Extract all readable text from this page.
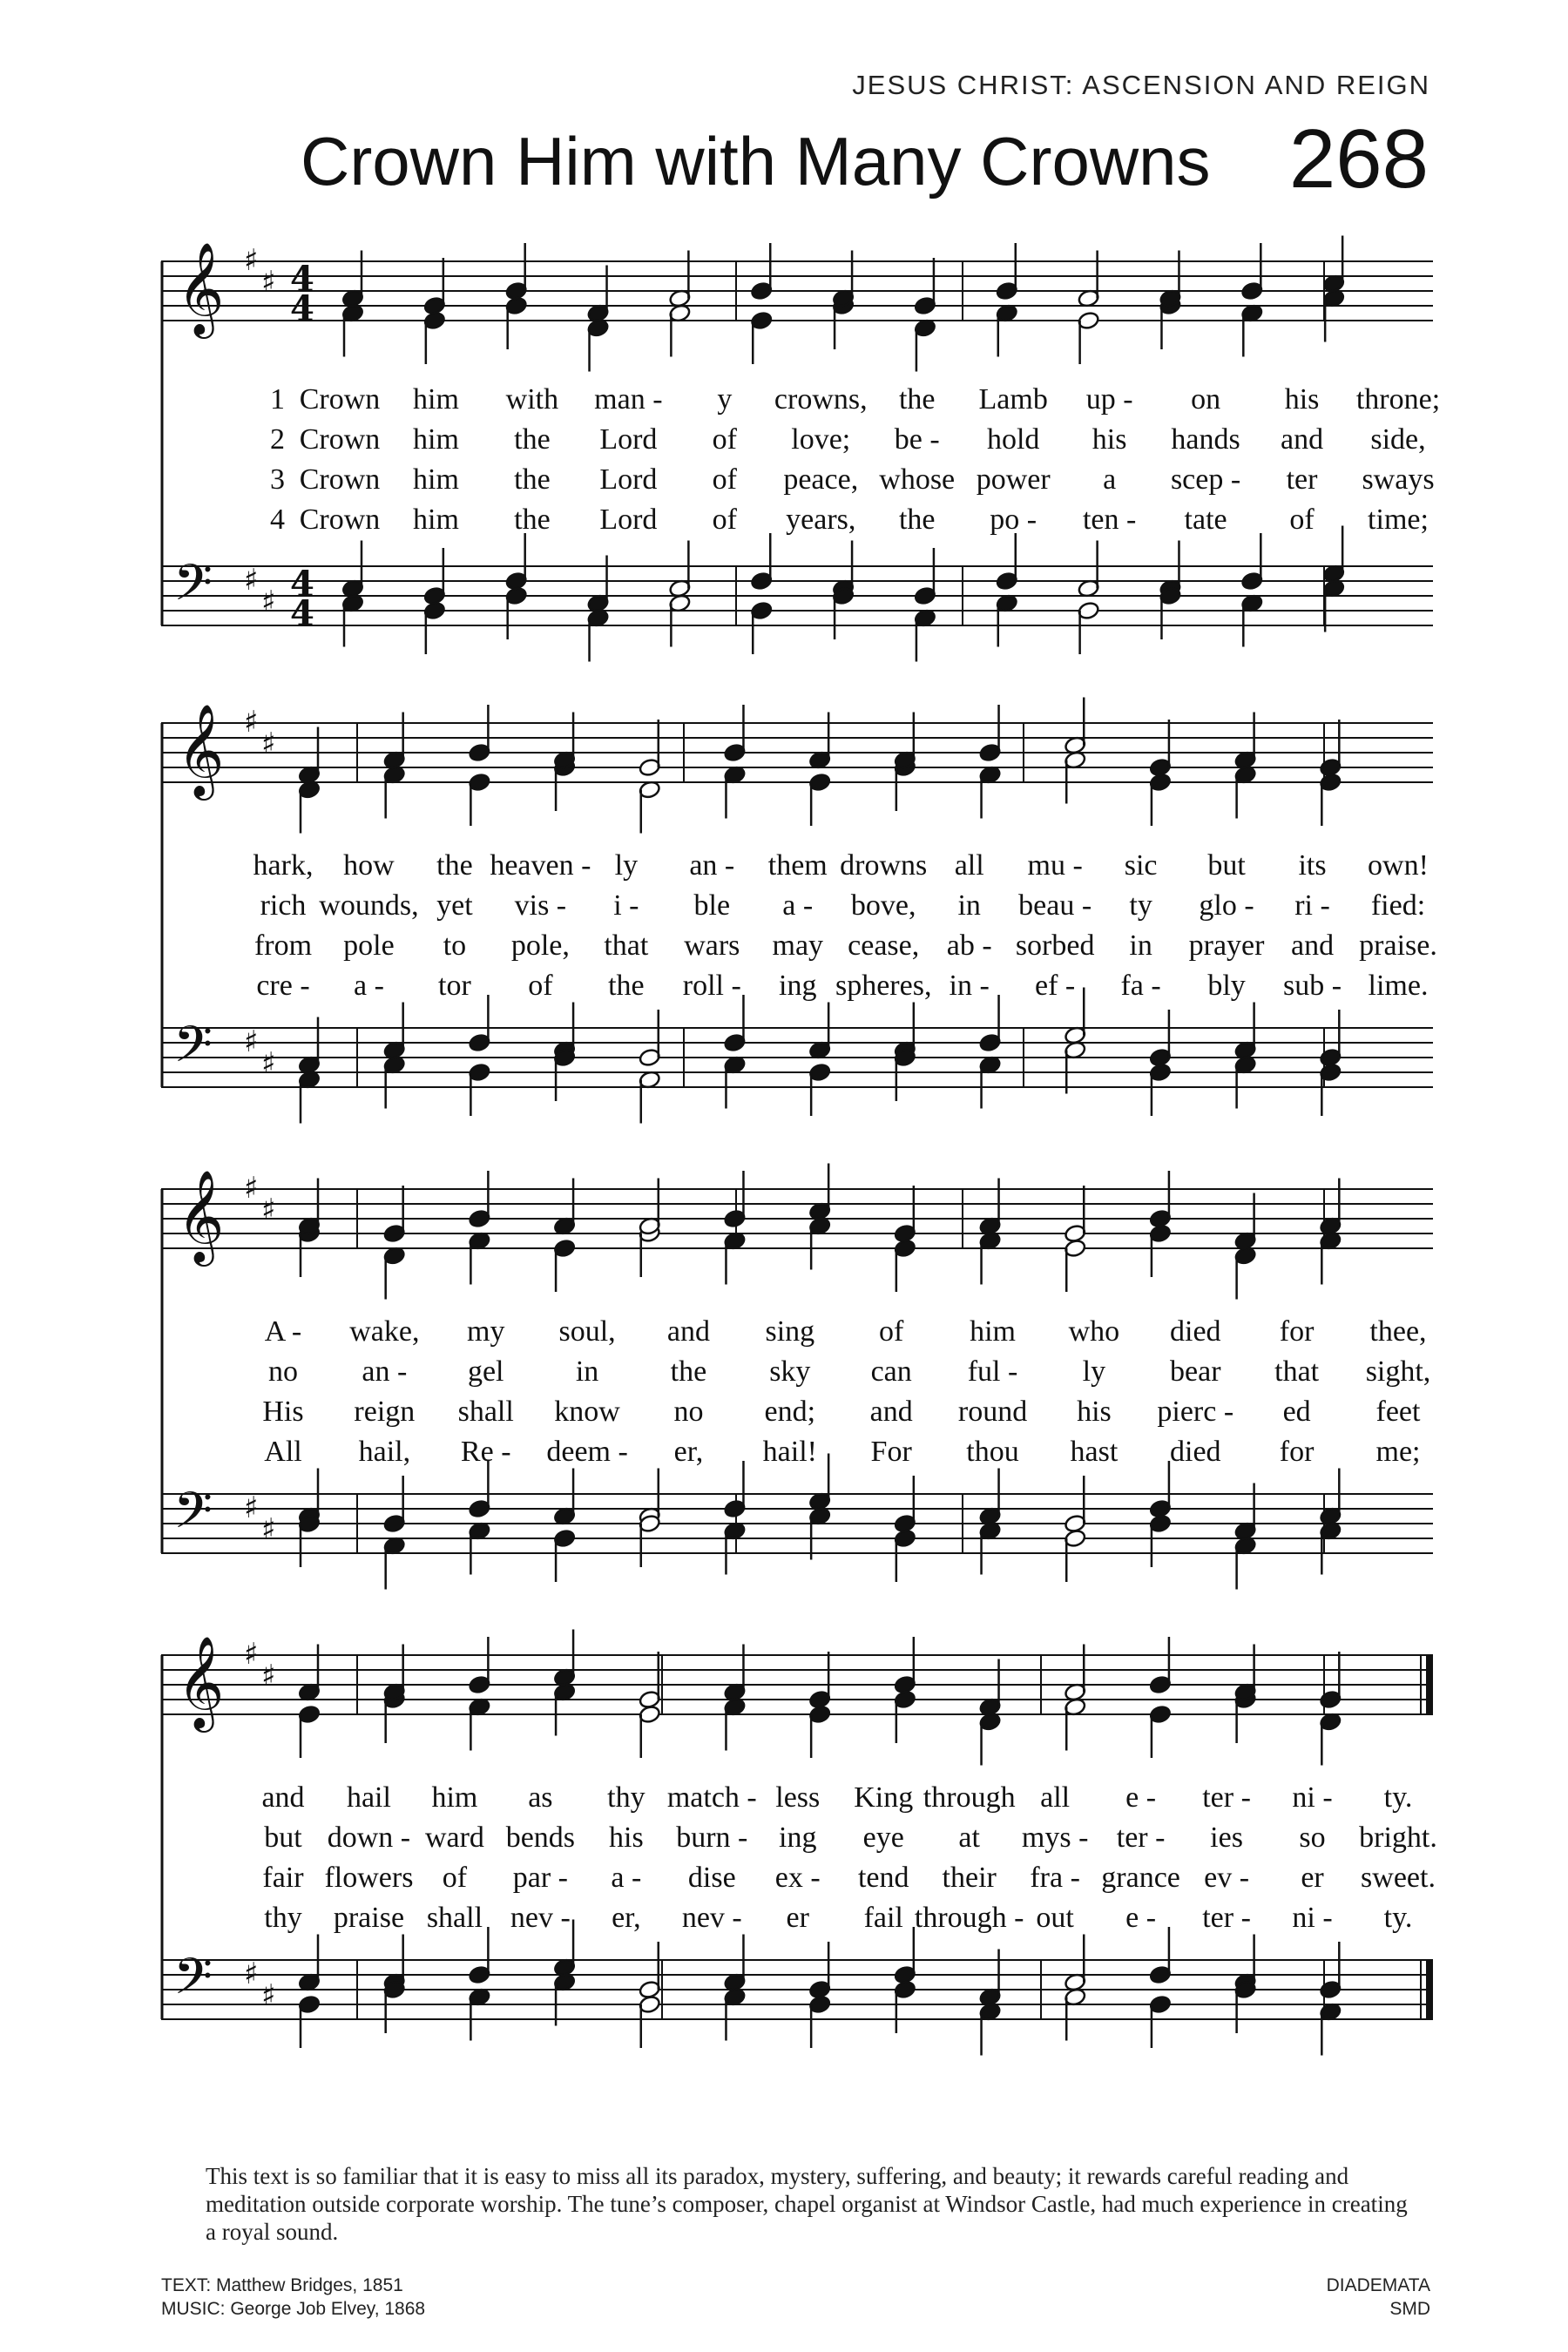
JESUS CHRIST: ASCENSION AND REIGN
Crown Him with Many Crowns 268
𝄞
𝄢
♯
♯
♯
♯
4
4
4
4
1 Crown him with man - y crowns, the Lamb up - on his throne;
2 Crown him the Lord of love; be - hold his hands and side,
3 Crown him the Lord of peace, whose power a scep - ter sways
4 Crown him the Lord of years, the po - ten - tate of time;
𝄞
𝄢
♯
♯
♯
♯
hark, how the heaven - ly an - them drowns all mu - sic but its own!
rich wounds, yet vis - i - ble a - bove, in beau - ty glo - ri - fied:
from pole to pole, that wars may cease, ab - sorbed in prayer and praise.
cre - a - tor of the roll - ing spheres, in - ef - fa - bly sub - lime.
𝄞
𝄢
♯
♯
♯
♯
A - wake, my soul, and sing of him who died for thee,
no an - gel in the sky can ful - ly bear that sight,
His reign shall know no end; and round his pierc - ed feet
All hail, Re - deem - er, hail! For thou hast died for me;
𝄞
𝄢
♯
♯
♯
♯
and hail him as thy match - less King through all e - ter - ni - ty.
but down - ward bends his burn - ing eye at mys - ter - ies so bright.
fair flowers of par - a - dise ex - tend their fra - grance ev - er sweet.
thy praise shall nev - er, nev - er fail through - out e - ter - ni - ty.
This text is so familiar that it is easy to miss all its paradox, mystery, suffering, and beauty; it rewards careful reading and meditation outside corporate worship. The tune’s composer, chapel organist at Windsor Castle, had much experience in creating a royal sound.
TEXT: Matthew Bridges, 1851
MUSIC: George Job Elvey, 1868
DIADEMATA
SMD
